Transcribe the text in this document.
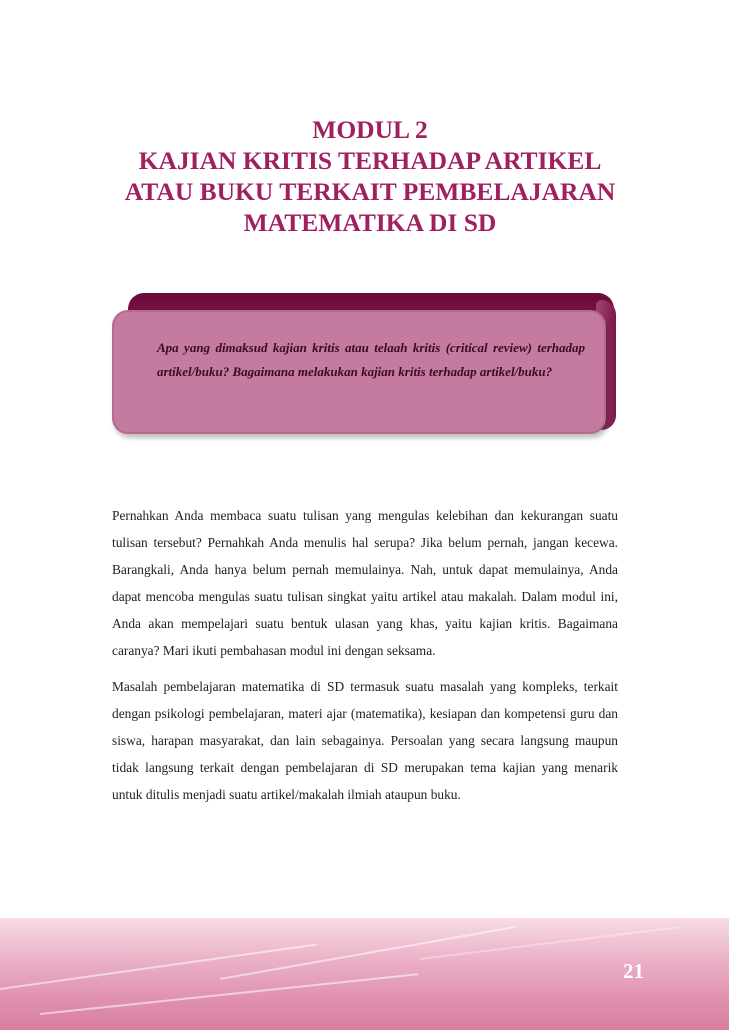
MODUL 2
KAJIAN KRITIS TERHADAP ARTIKEL
ATAU BUKU TERKAIT PEMBELAJARAN
MATEMATIKA DI SD
Apa yang dimaksud kajian kritis atau telaah kritis (critical review) terhadap artikel/buku? Bagaimana melakukan kajian kritis terhadap artikel/buku?

Pernahkan Anda membaca suatu tulisan yang mengulas kelebihan dan kekurangan suatu tulisan tersebut? Pernahkah Anda menulis hal serupa? Jika belum pernah, jangan kecewa. Barangkali, Anda hanya belum pernah memulainya. Nah, untuk dapat memulainya, Anda dapat mencoba mengulas suatu tulisan singkat yaitu artikel atau makalah. Dalam modul ini, Anda akan mempelajari suatu bentuk ulasan yang khas, yaitu kajian kritis. Bagaimana caranya? Mari ikuti pembahasan modul ini dengan seksama.

Masalah pembelajaran matematika di SD termasuk suatu masalah yang kompleks, terkait dengan psikologi pembelajaran, materi ajar (matematika), kesiapan dan kompetensi guru dan siswa, harapan masyarakat, dan lain sebagainya. Persoalan yang secara langsung maupun tidak langsung terkait dengan pembelajaran di SD merupakan tema kajian yang menarik untuk ditulis menjadi suatu artikel/makalah ilmiah ataupun buku.

21
